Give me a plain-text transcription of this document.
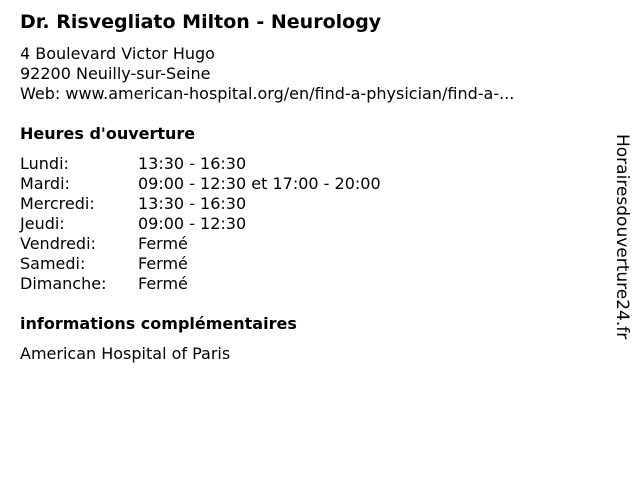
Dr. Risvegliato Milton - Neurology
4 Boulevard Victor Hugo
92200 Neuilly-sur-Seine
Web: www.american-hospital.org/en/find-a-physician/find-a-...
Heures d'ouverture
Lundi:	13:30 - 16:30
Mardi:	09:00 - 12:30 et 17:00 - 20:00
Mercredi:	13:30 - 16:30
Jeudi:	09:00 - 12:30
Vendredi:	Fermé
Samedi:	Fermé
Dimanche:	Fermé
informations complémentaires
American Hospital of Paris
Horairesdouverture24.fr
